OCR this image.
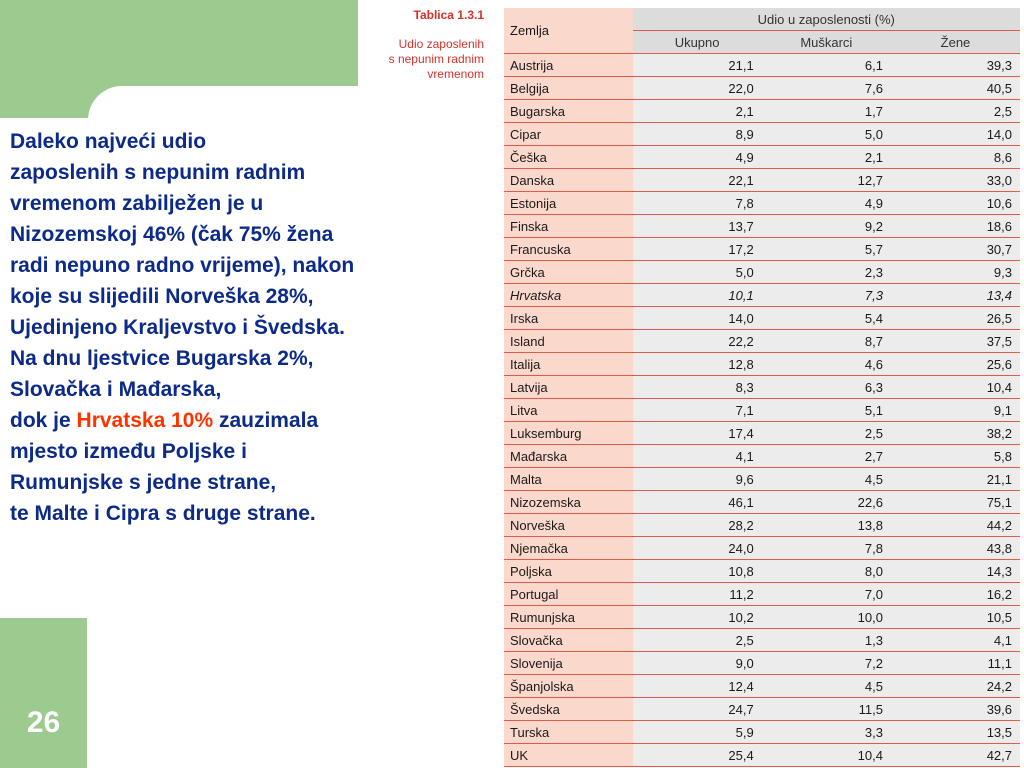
26
Tablica 1.3.1
Udio zaposlenih
s nepunim radnim
vremenom
Daleko najveći udio
zaposlenih s nepunim radnim
vremenom zabilježen je u
Nizozemskoj 46% (čak 75% žena
radi nepuno radno vrijeme), nakon
koje su slijedili Norveška 28%,
Ujedinjeno Kraljevstvo i Švedska.
Na dnu ljestvice Bugarska 2%,
Slovačka i Mađarska,
dok je Hrvatska 10% zauzimala
mjesto između Poljske i
Rumunjske s jedne strane,
te Malte i Cipra s druge strane.
Zemlja	Udio u zaposlenosti (%)		
	Ukupno	Muškarci	Žene
Austrija	21,1	6,1	39,3
Belgija	22,0	7,6	40,5
Bugarska	2,1	1,7	2,5
Cipar	8,9	5,0	14,0
Češka	4,9	2,1	8,6
Danska	22,1	12,7	33,0
Estonija	7,8	4,9	10,6
Finska	13,7	9,2	18,6
Francuska	17,2	5,7	30,7
Grčka	5,0	2,3	9,3
Hrvatska	10,1	7,3	13,4
Irska	14,0	5,4	26,5
Island	22,2	8,7	37,5
Italija	12,8	4,6	25,6
Latvija	8,3	6,3	10,4
Litva	7,1	5,1	9,1
Luksemburg	17,4	2,5	38,2
Mađarska	4,1	2,7	5,8
Malta	9,6	4,5	21,1
Nizozemska	46,1	22,6	75,1
Norveška	28,2	13,8	44,2
Njemačka	24,0	7,8	43,8
Poljska	10,8	8,0	14,3
Portugal	11,2	7,0	16,2
Rumunjska	10,2	10,0	10,5
Slovačka	2,5	1,3	4,1
Slovenija	9,0	7,2	11,1
Španjolska	12,4	4,5	24,2
Švedska	24,7	11,5	39,6
Turska	5,9	3,3	13,5
UK	25,4	10,4	42,7
